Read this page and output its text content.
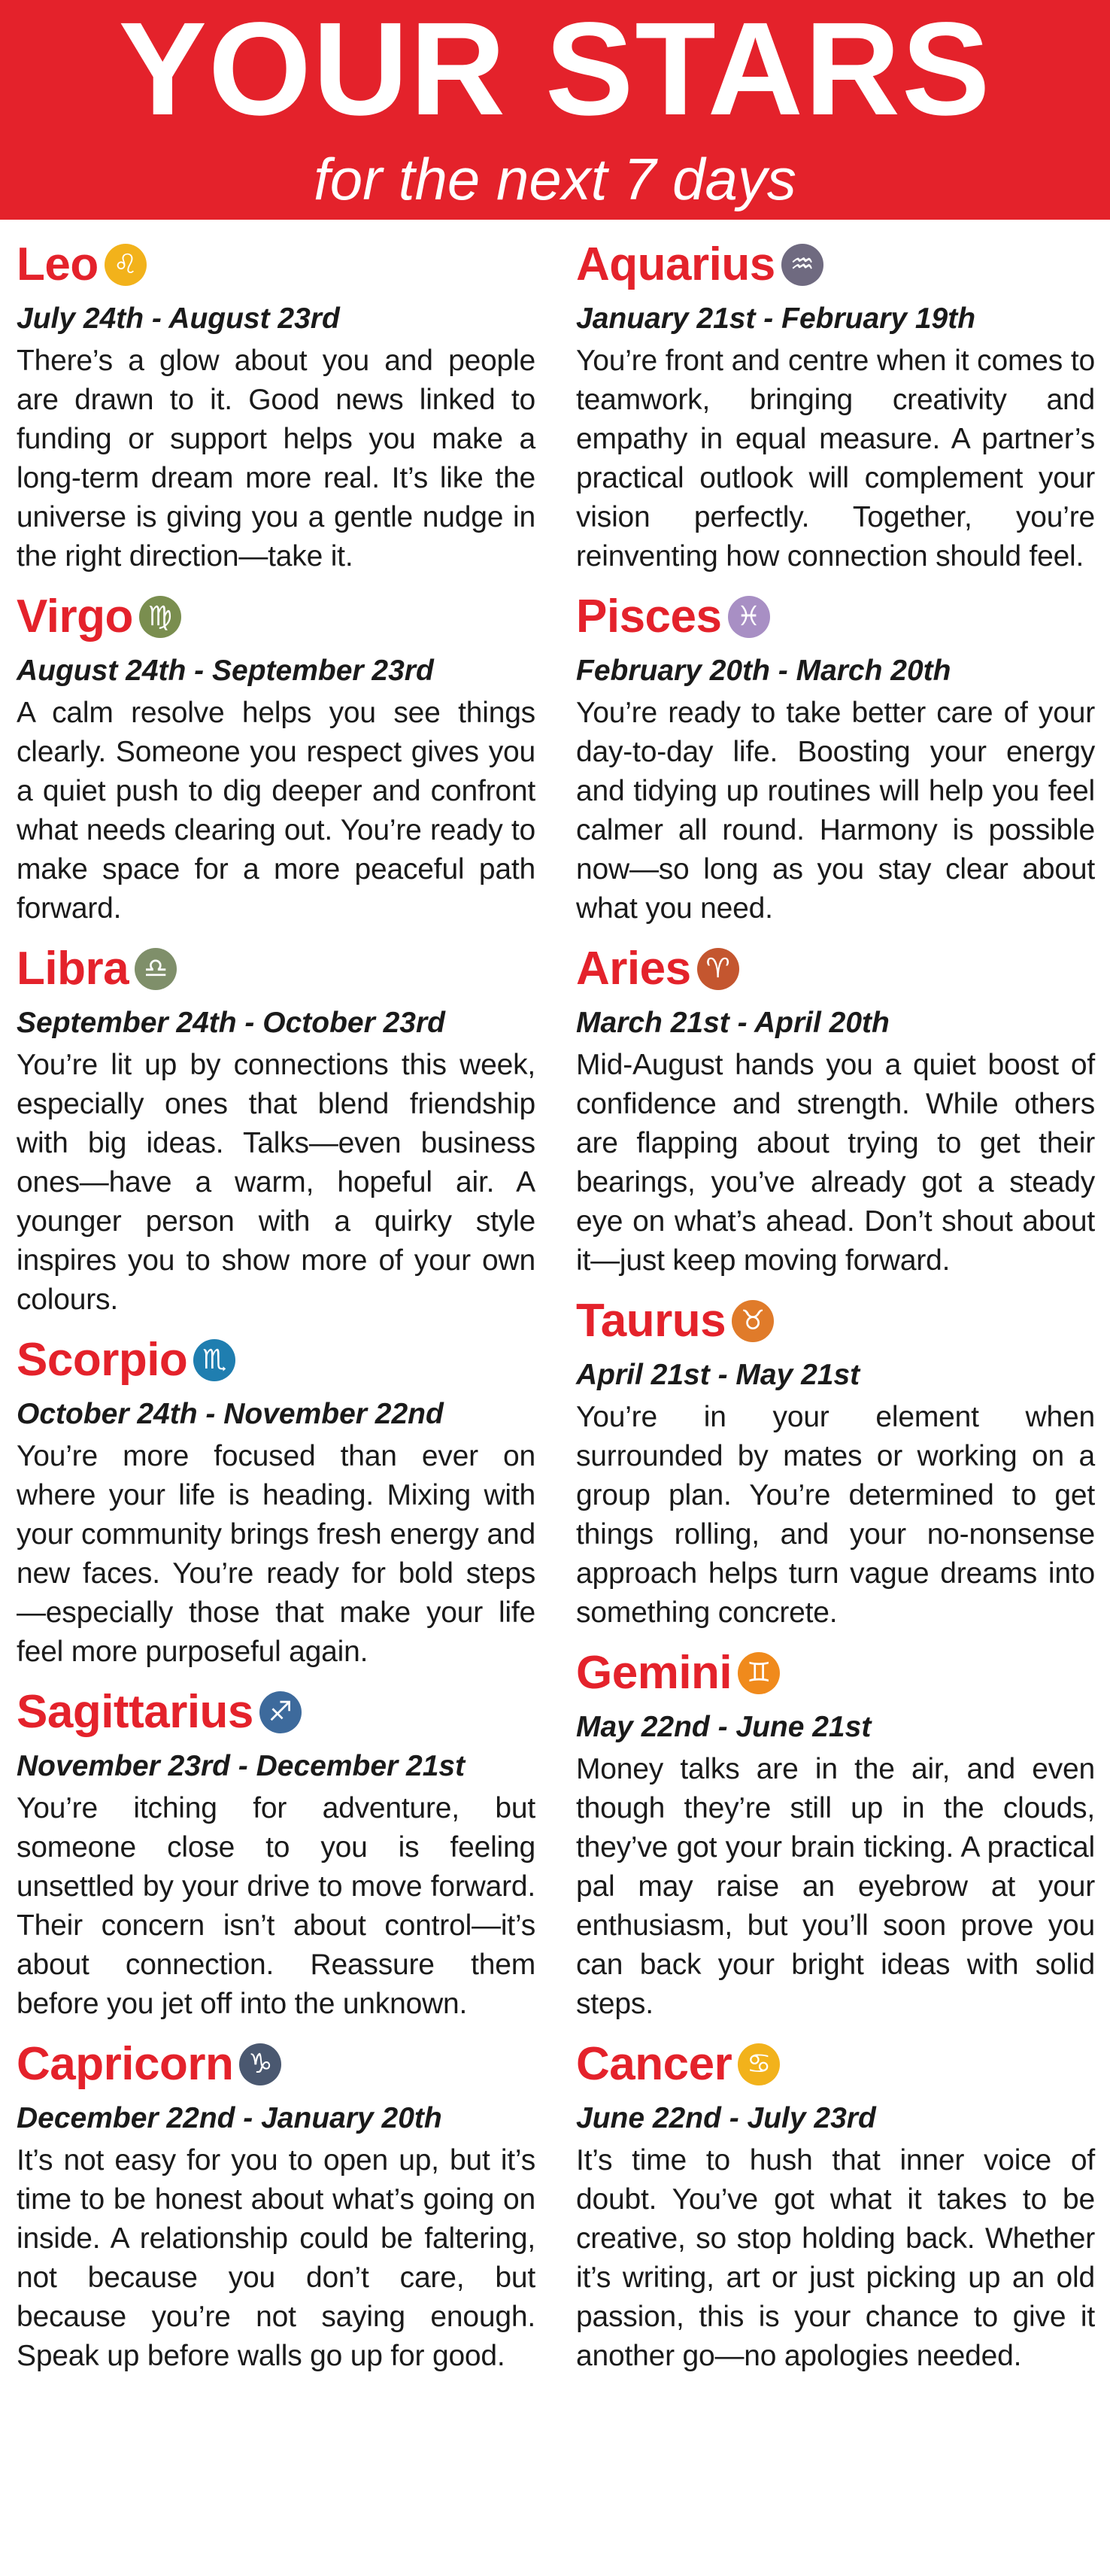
YOUR STARS
for the next 7 days
Leo ♌︎
July 24th - August 23rd
There’s a glow about you and people are drawn to it. Good news linked to funding or support helps you make a long-term dream more real. It’s like the universe is giving you a gentle nudge in the right direction—take it.
Virgo ♍︎
August 24th - September 23rd
A calm resolve helps you see things clearly. Someone you respect gives you a quiet push to dig deeper and confront what needs clearing out. You’re ready to make space for a more peaceful path forward.
Libra ♎︎
September 24th - October 23rd
You’re lit up by connections this week, especially ones that blend friendship with big ideas. Talks—even business ones—have a warm, hopeful air. A younger person with a quirky style inspires you to show more of your own colours.
Scorpio ♏︎
October 24th - November 22nd
You’re more focused than ever on where your life is heading. Mixing with your community brings fresh energy and new faces. You’re ready for bold steps—especially those that make your life feel more purposeful again.
Sagittarius ♐︎
November 23rd - December 21st
You’re itching for adventure, but someone close to you is feeling unsettled by your drive to move forward. Their concern isn’t about control—it’s about connection. Reassure them before you jet off into the unknown.
Capricorn ♑︎
December 22nd - January 20th
It’s not easy for you to open up, but it’s time to be honest about what’s going on inside. A relationship could be faltering, not because you don’t care, but because you’re not saying enough. Speak up before walls go up for good.
Aquarius ♒︎
January 21st - February 19th
You’re front and centre when it comes to teamwork, bringing creativity and empathy in equal measure. A partner’s practical outlook will complement your vision perfectly. Together, you’re reinventing how connection should feel.
Pisces ♓︎
February 20th - March 20th
You’re ready to take better care of your day-to-day life. Boosting your energy and tidying up routines will help you feel calmer all round. Harmony is possible now—so long as you stay clear about what you need.
Aries ♈︎
March 21st - April 20th
Mid-August hands you a quiet boost of confidence and strength. While others are flapping about trying to get their bearings, you’ve already got a steady eye on what’s ahead. Don’t shout about it—just keep moving forward.
Taurus ♉︎
April 21st - May 21st
You’re in your element when surrounded by mates or working on a group plan. You’re determined to get things rolling, and your no-nonsense approach helps turn vague dreams into something concrete.
Gemini ♊︎
May 22nd - June 21st
Money talks are in the air, and even though they’re still up in the clouds, they’ve got your brain ticking. A practical pal may raise an eyebrow at your enthusiasm, but you’ll soon prove you can back your bright ideas with solid steps.
Cancer ♋︎
June 22nd - July 23rd
It’s time to hush that inner voice of doubt. You’ve got what it takes to be creative, so stop holding back. Whether it’s writing, art or just picking up an old passion, this is your chance to give it another go—no apologies needed.
